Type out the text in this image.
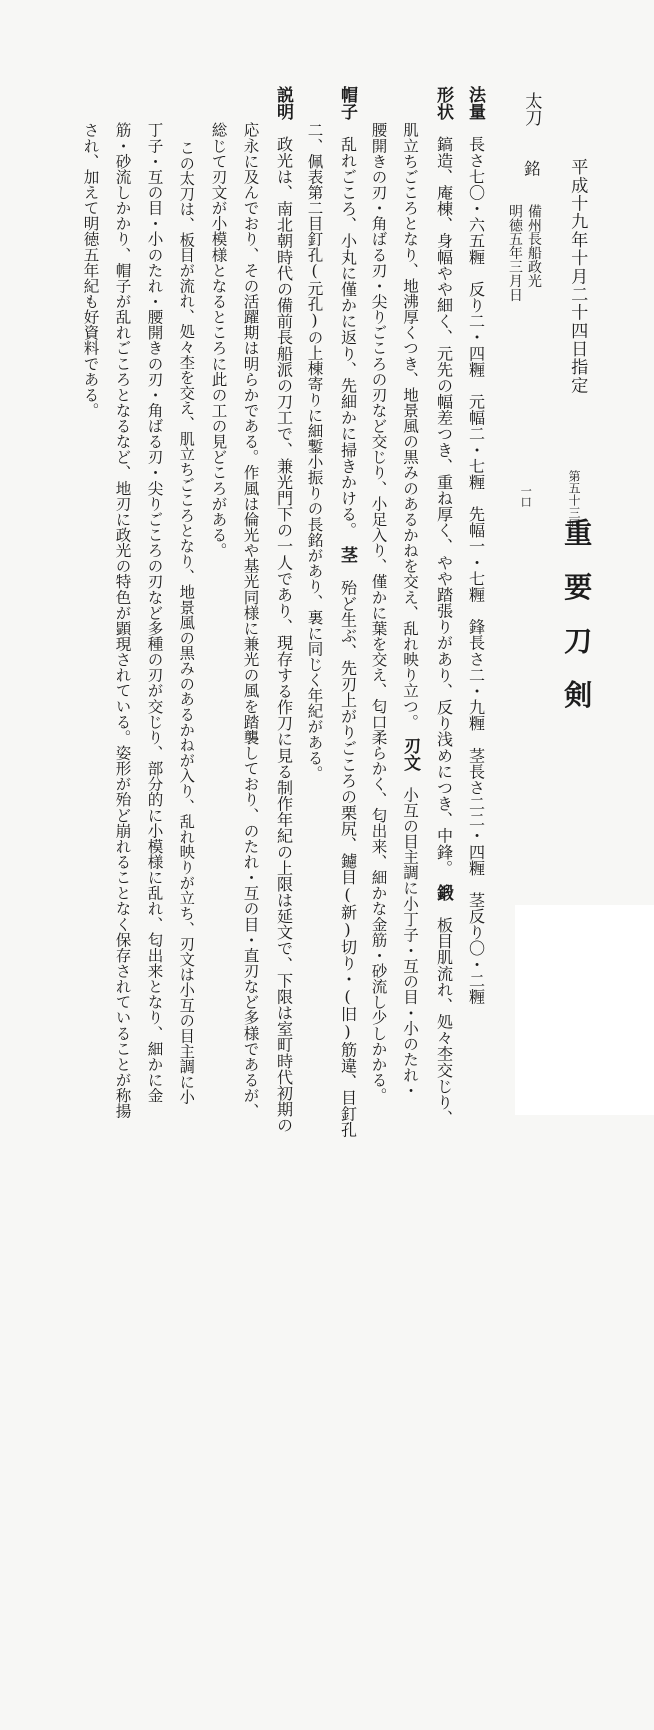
平成十九年十月二十四日指定
第五十三回
重要刀剣
太刀
銘
備州長船政光
明徳五年三月日
一口
法量　長さ七〇・六五糎　反り二・四糎　元幅二・七糎　先幅一・七糎　鋒長さ二・九糎　茎長さ二二・四糎　茎反り〇・二糎
形状　鎬造、庵棟、身幅やや細く、元先の幅差つき、重ね厚く、やや踏張りがあり、反り浅めにつき、中鋒。　鍛　板目肌流れ、処々杢交じり、
肌立ちごころとなり、地沸厚くつき、地景風の黒みのあるかねを交え、乱れ映り立つ。　刃文　小互の目主調に小丁子・互の目・小のたれ・
腰開きの刃・角ばる刃・尖りごころの刃など交じり、小足入り、僅かに葉を交え、匂口柔らかく、匂出来、細かな金筋・砂流し少しかかる。
帽子　乱れごころ、小丸に僅かに返り、先細かに掃きかける。　茎　殆ど生ぶ、先刃上がりごころの栗尻、鑢目(新)切り・(旧)筋違、目釘孔
二、佩表第二目釘孔(元孔)の上棟寄りに細鏨小振りの長銘があり、裏に同じく年紀がある。
説明　政光は、南北朝時代の備前長船派の刀工で、兼光門下の一人であり、現存する作刀に見る制作年紀の上限は延文で、下限は室町時代初期の
応永に及んでおり、その活躍期は明らかである。作風は倫光や基光同様に兼光の風を踏襲しており、のたれ・互の目・直刃など多様であるが、
総じて刃文が小模様となるところに此の工の見どころがある。
この太刀は、板目が流れ、処々杢を交え、肌立ちごころとなり、地景風の黒みのあるかねが入り、乱れ映りが立ち、刃文は小互の目主調に小
丁子・互の目・小のたれ・腰開きの刃・角ばる刃・尖りごころの刃など多種の刃が交じり、部分的に小模様に乱れ、匂出来となり、細かに金
筋・砂流しかかり、帽子が乱れごころとなるなど、地刃に政光の特色が顕現されている。姿形が殆ど崩れることなく保存されていることが称揚
され、加えて明徳五年紀も好資料である。
